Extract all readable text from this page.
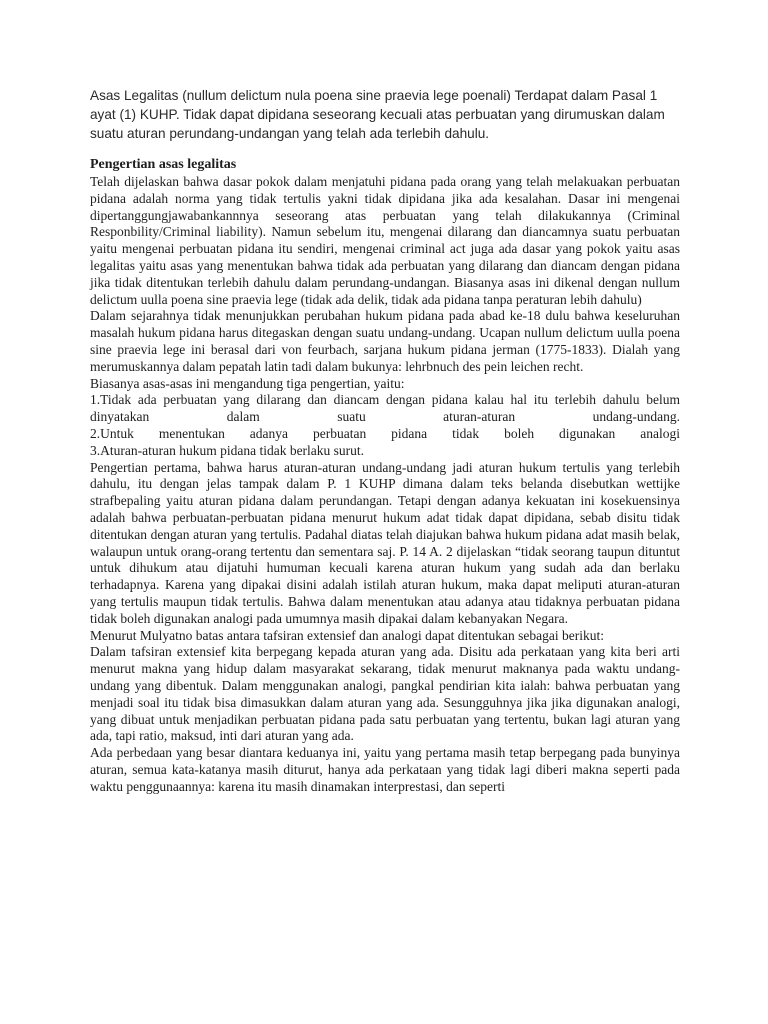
Asas Legalitas (nullum delictum nula poena sine praevia lege poenali) Terdapat dalam Pasal 1 ayat (1) KUHP. Tidak dapat dipidana seseorang kecuali atas perbuatan yang dirumuskan dalam suatu aturan perundang-undangan yang telah ada terlebih dahulu.

Pengertian asas legalitas

Telah dijelaskan bahwa dasar pokok dalam menjatuhi pidana pada orang yang telah melakuakan perbuatan pidana adalah norma yang tidak tertulis yakni tidak dipidana jika ada kesalahan. Dasar ini mengenai dipertanggungjawabankannnya seseorang atas perbuatan yang telah dilakukannya (Criminal Responbility/Criminal liability). Namun sebelum itu, mengenai dilarang dan diancamnya suatu perbuatan yaitu mengenai perbuatan pidana itu sendiri, mengenai criminal act juga ada dasar yang pokok yaitu asas legalitas yaitu asas yang menentukan bahwa tidak ada perbuatan yang dilarang dan diancam dengan pidana jika tidak ditentukan terlebih dahulu dalam perundang-undangan. Biasanya asas ini dikenal dengan nullum delictum uulla poena sine praevia lege (tidak ada delik, tidak ada pidana tanpa peraturan lebih dahulu)

Dalam sejarahnya tidak menunjukkan perubahan hukum pidana pada abad ke-18 dulu bahwa keseluruhan masalah hukum pidana harus ditegaskan dengan suatu undang-undang. Ucapan nullum delictum uulla poena sine praevia lege ini berasal dari von feurbach, sarjana hukum pidana jerman (1775-1833). Dialah yang merumuskannya dalam pepatah latin tadi dalam bukunya: lehrbnuch des pein leichen recht.

Biasanya asas-asas ini mengandung tiga pengertian, yaitu:

1.Tidak ada perbuatan yang dilarang dan diancam dengan pidana kalau hal itu terlebih dahulu belum dinyatakan dalam suatu aturan-aturan undang-undang.

2.Untuk menentukan adanya perbuatan pidana tidak boleh digunakan analogi

3.Aturan-aturan hukum pidana tidak berlaku surut.

Pengertian pertama, bahwa harus aturan-aturan undang-undang jadi aturan hukum tertulis yang terlebih dahulu, itu dengan jelas tampak dalam P. 1 KUHP dimana dalam teks belanda disebutkan wettijke strafbepaling yaitu aturan pidana dalam perundangan. Tetapi dengan adanya kekuatan ini kosekuensinya adalah bahwa perbuatan-perbuatan pidana menurut hukum adat tidak dapat dipidana, sebab disitu tidak ditentukan dengan aturan yang tertulis. Padahal diatas telah diajukan bahwa hukum pidana adat masih belak, walaupun untuk orang-orang tertentu dan sementara saj. P. 14 A. 2 dijelaskan “tidak seorang taupun dituntut untuk dihukum atau dijatuhi humuman kecuali karena aturan hukum yang sudah ada dan berlaku terhadapnya. Karena yang dipakai disini adalah istilah aturan hukum, maka dapat meliputi aturan-aturan yang tertulis maupun tidak tertulis. Bahwa dalam menentukan atau adanya atau tidaknya perbuatan pidana tidak boleh digunakan analogi pada umumnya masih dipakai dalam kebanyakan Negara.

Menurut Mulyatno batas antara tafsiran extensief dan analogi dapat ditentukan sebagai berikut:

Dalam tafsiran extensief kita berpegang kepada aturan yang ada. Disitu ada perkataan yang kita beri arti menurut makna yang hidup dalam masyarakat sekarang, tidak menurut maknanya pada waktu undang-undang yang dibentuk. Dalam menggunakan analogi, pangkal pendirian kita ialah: bahwa perbuatan yang menjadi soal itu tidak bisa dimasukkan dalam aturan yang ada. Sesungguhnya jika jika digunakan analogi, yang dibuat untuk menjadikan perbuatan pidana pada satu perbuatan yang tertentu, bukan lagi aturan yang ada, tapi ratio, maksud, inti dari aturan yang ada.

Ada perbedaan yang besar diantara keduanya ini, yaitu yang pertama masih tetap berpegang pada bunyinya aturan, semua kata-katanya masih diturut, hanya ada perkataan yang tidak lagi diberi makna seperti pada waktu penggunaannya: karena itu masih dinamakan interprestasi, dan seperti
